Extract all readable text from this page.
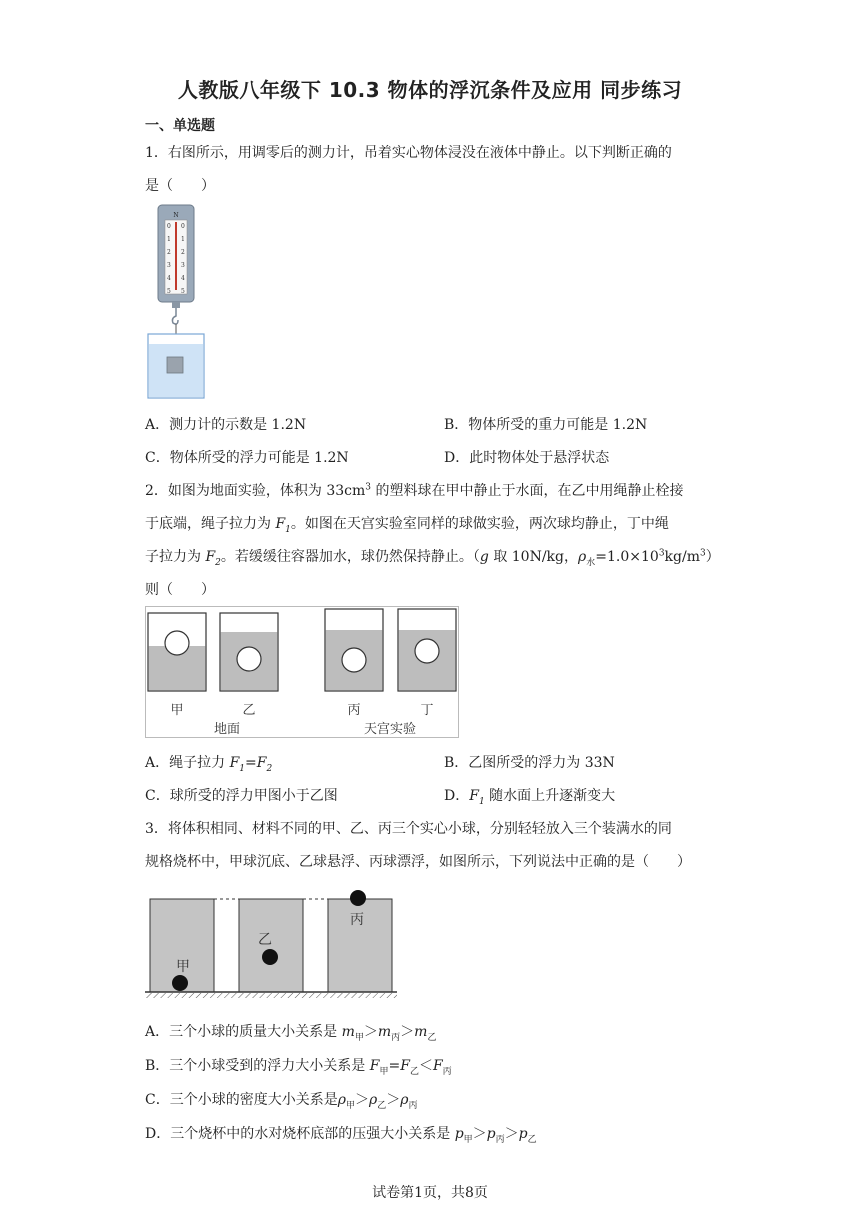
人教版八年级下 10.3 物体的浮沉条件及应用 同步练习
一、单选题
1．右图所示，用调零后的测力计，吊着实心物体浸没在液体中静止。以下判断正确的
是（　　）
N
0
1
2
3
4
5
0
1
2
3
4
5
A．测力计的示数是 1.2N	B．物体所受的重力可能是 1.2N
C．物体所受的浮力可能是 1.2N	D．此时物体处于悬浮状态
2．如图为地面实验，体积为 $33cm^3$ 的塑料球在甲中静止于水面，在乙中用绳静止栓接
于底端，绳子拉力为 $F_1$。如图在天宫实验室同样的球做实验，两次球均静止，丁中绳
子拉力为 $F_2$。若缓缓往容器加水，球仍然保持静止。（g 取 10N/kg，$\rho_水=1.0\times 10^3kg/m^3$）
则（　　）
甲	乙	丙	丁
地面	天宫实验
A．绳子拉力 $F_1=F_2$	B．乙图所受的浮力为 33N
C．球所受的浮力甲图小于乙图	D．$F_1$ 随水面上升逐渐变大
3．将体积相同、材料不同的甲、乙、丙三个实心小球，分别轻轻放入三个装满水的同
规格烧杯中，甲球沉底、乙球悬浮、丙球漂浮，如图所示，下列说法中正确的是（　　）
甲
乙
丙
A．三个小球的质量大小关系是 $m_甲>m_丙>m_乙$
B．三个小球受到的浮力大小关系是 $F_甲=F_乙<F_丙$
C．三个小球的密度大小关系是$\rho_甲>\rho_乙>\rho_丙$
D．三个烧杯中的水对烧杯底部的压强大小关系是 $p_甲>p_丙>p_乙$
试卷第1页，共8页
